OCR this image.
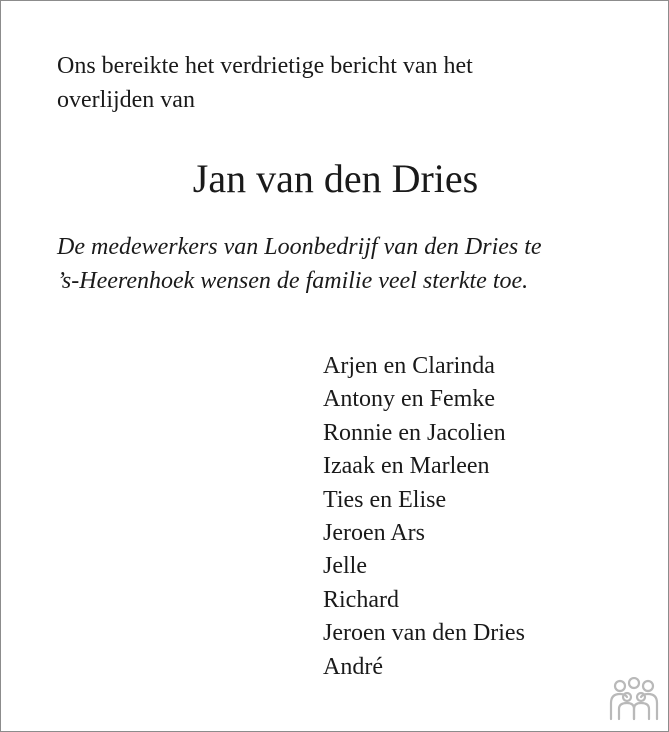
Ons bereikte het verdrietige bericht van het
overlijden van
Jan van den Dries
De medewerkers van Loonbedrijf van den Dries te
’s-Heerenhoek wensen de familie veel sterkte toe.
Arjen en Clarinda
Antony en Femke
Ronnie en Jacolien
Izaak en Marleen
Ties en Elise
Jeroen Ars
Jelle
Richard
Jeroen van den Dries
André
